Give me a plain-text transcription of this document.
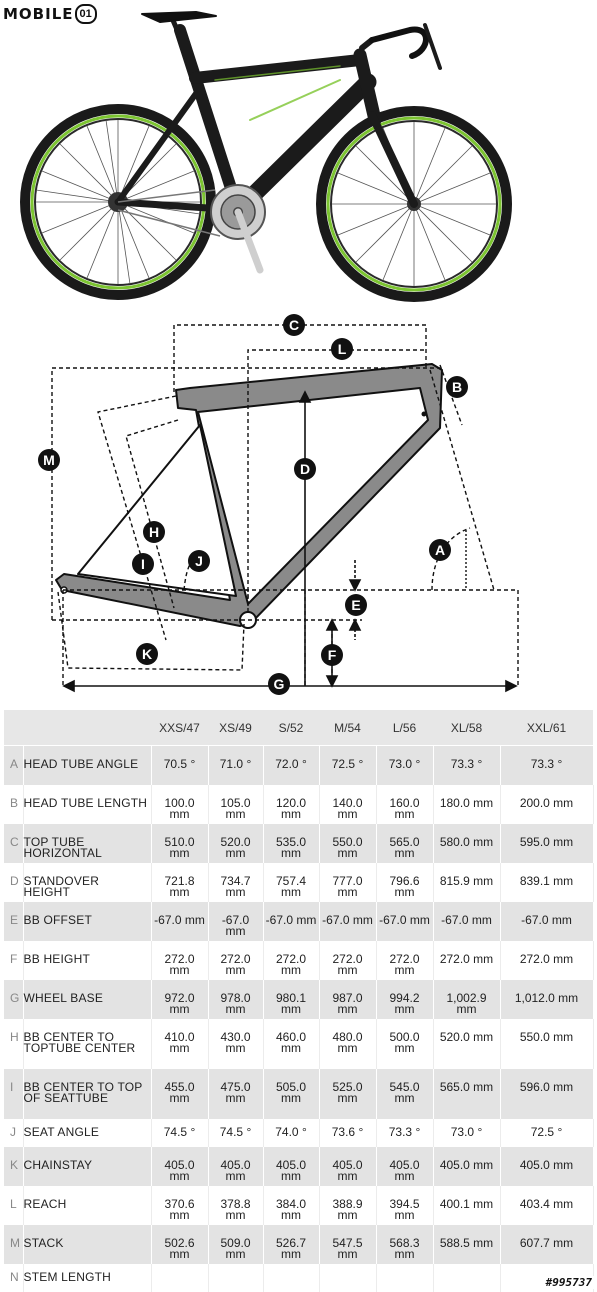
MOBILE 01
C
L
B
M
D
H
A
J
I
E
K	F
G
		XXS/47	XS/49	S/52	M/54	L/56	XL/58	XXL/61
A	HEAD TUBE ANGLE	70.5 °	71.0 °	72.0 °	72.5 °	73.0 °	73.3 °	73.3 °
B	HEAD TUBE LENGTH	100.0 mm	105.0 mm	120.0 mm	140.0 mm	160.0 mm	180.0 mm	200.0 mm
C	TOP TUBE HORIZONTAL	510.0 mm	520.0 mm	535.0 mm	550.0 mm	565.0 mm	580.0 mm	595.0 mm
D	STANDOVER HEIGHT	721.8 mm	734.7 mm	757.4 mm	777.0 mm	796.6 mm	815.9 mm	839.1 mm
E	BB OFFSET	-67.0 mm	-67.0 mm	-67.0 mm	-67.0 mm	-67.0 mm	-67.0 mm	-67.0 mm
F	BB HEIGHT	272.0 mm	272.0 mm	272.0 mm	272.0 mm	272.0 mm	272.0 mm	272.0 mm
G	WHEEL BASE	972.0 mm	978.0 mm	980.1 mm	987.0 mm	994.2 mm	1,002.9 mm	1,012.0 mm
H	BB CENTER TO TOPTUBE CENTER	410.0 mm	430.0 mm	460.0 mm	480.0 mm	500.0 mm	520.0 mm	550.0 mm
I	BB CENTER TO TOP OF SEATTUBE	455.0 mm	475.0 mm	505.0 mm	525.0 mm	545.0 mm	565.0 mm	596.0 mm
J	SEAT ANGLE	74.5 °	74.5 °	74.0 °	73.6 °	73.3 °	73.0 °	72.5 °
K	CHAINSTAY	405.0 mm	405.0 mm	405.0 mm	405.0 mm	405.0 mm	405.0 mm	405.0 mm
L	REACH	370.6 mm	378.8 mm	384.0 mm	388.9 mm	394.5 mm	400.1 mm	403.4 mm
M	STACK	502.6 mm	509.0 mm	526.7 mm	547.5 mm	568.3 mm	588.5 mm	607.7 mm
N	STEM LENGTH								#995737
